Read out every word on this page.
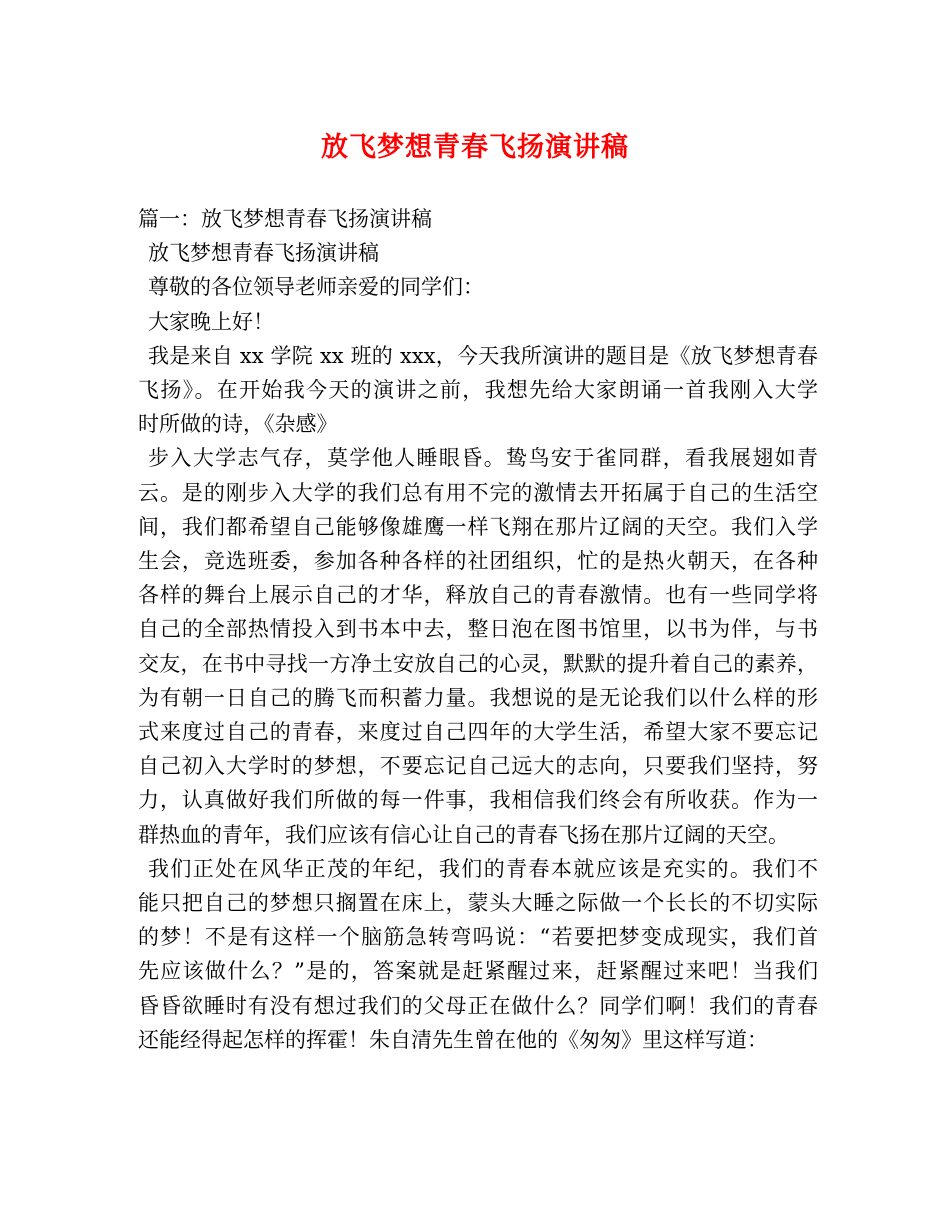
放飞梦想青春飞扬演讲稿
篇一：放飞梦想青春飞扬演讲稿
放飞梦想青春飞扬演讲稿
尊敬的各位领导老师亲爱的同学们：
大家晚上好！
我是来自 xx 学院 xx 班的 xxx，今天我所演讲的题目是《放飞梦想青春
飞扬》。在开始我今天的演讲之前，我想先给大家朗诵一首我刚入大学
时所做的诗，《杂感》
步入大学志气存，莫学他人睡眼昏。鸷鸟安于雀同群，看我展翅如青
云。是的刚步入大学的我们总有用不完的激情去开拓属于自己的生活空
间，我们都希望自己能够像雄鹰一样飞翔在那片辽阔的天空。我们入学
生会，竞选班委，参加各种各样的社团组织，忙的是热火朝天，在各种
各样的舞台上展示自己的才华，释放自己的青春激情。也有一些同学将
自己的全部热情投入到书本中去，整日泡在图书馆里，以书为伴，与书
交友，在书中寻找一方净土安放自己的心灵，默默的提升着自己的素养，
为有朝一日自己的腾飞而积蓄力量。我想说的是无论我们以什么样的形
式来度过自己的青春，来度过自己四年的大学生活，希望大家不要忘记
自己初入大学时的梦想，不要忘记自己远大的志向，只要我们坚持，努
力，认真做好我们所做的每一件事，我相信我们终会有所收获。作为一
群热血的青年，我们应该有信心让自己的青春飞扬在那片辽阔的天空。
我们正处在风华正茂的年纪，我们的青春本就应该是充实的。我们不
能只把自己的梦想只搁置在床上，蒙头大睡之际做一个长长的不切实际
的梦！不是有这样一个脑筋急转弯吗说：“若要把梦变成现实，我们首
先应该做什么？”是的，答案就是赶紧醒过来，赶紧醒过来吧！当我们
昏昏欲睡时有没有想过我们的父母正在做什么？同学们啊！我们的青春
还能经得起怎样的挥霍！朱自清先生曾在他的《匆匆》里这样写道：
